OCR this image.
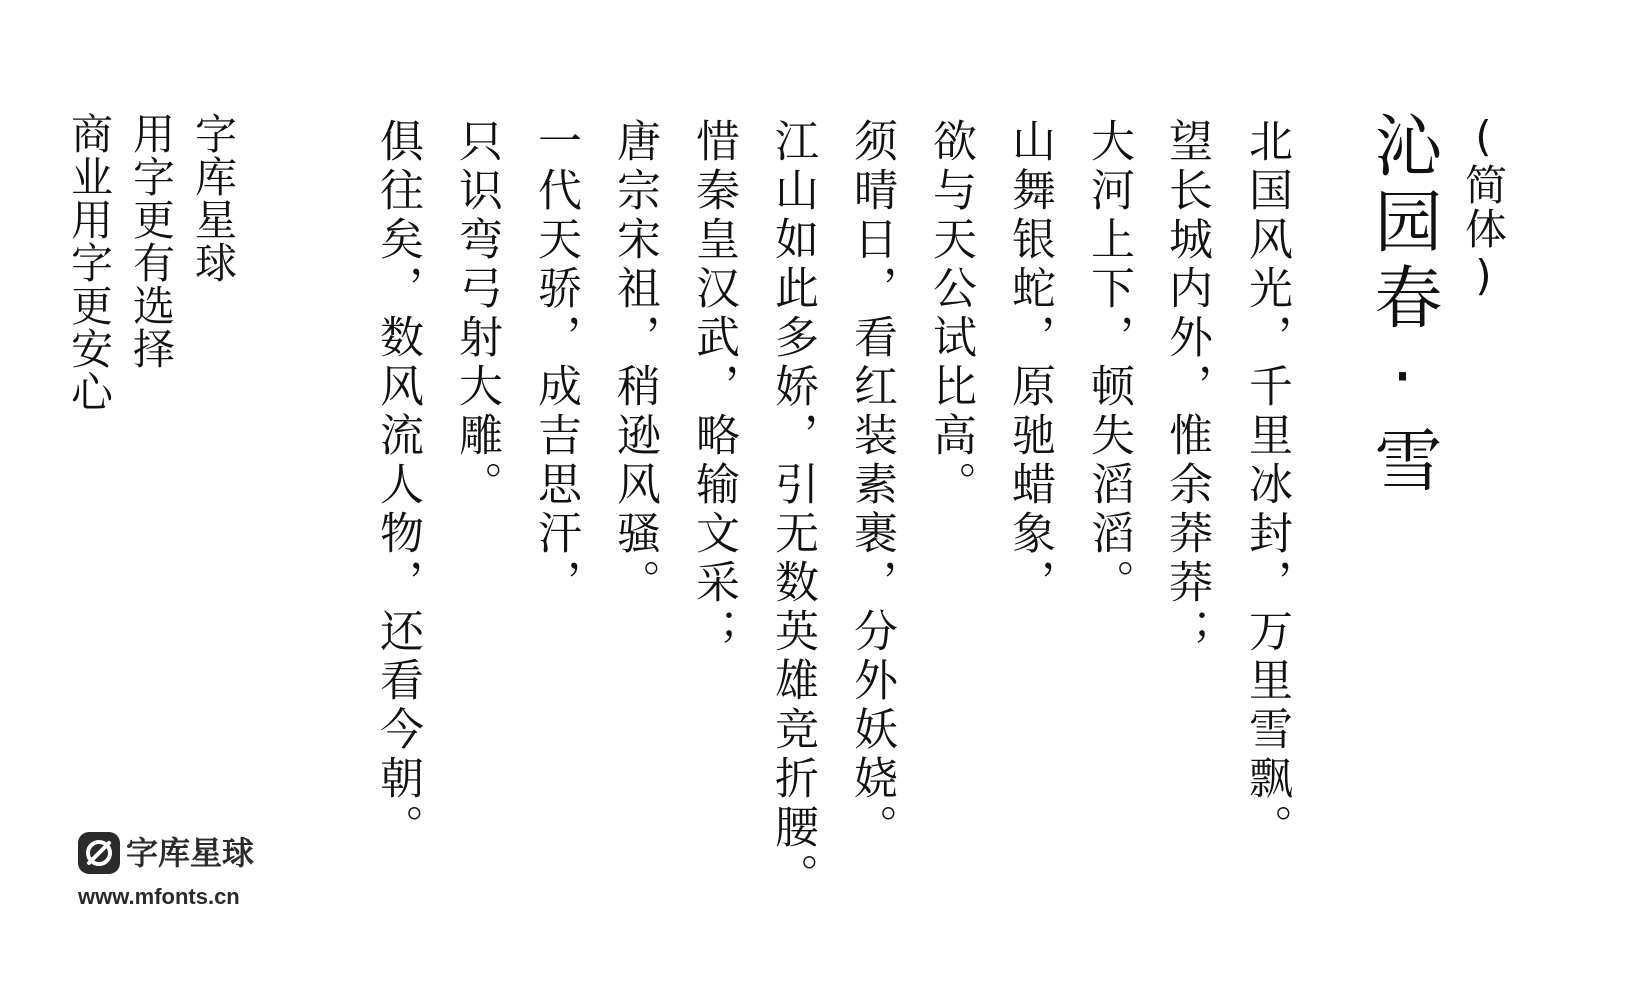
(简体)
沁园春·雪
北国风光，千里冰封，万里雪飘。
望长城内外，惟余莽莽；
大河上下，顿失滔滔。
山舞银蛇，原驰蜡象，
欲与天公试比高。
须晴日，看红装素裹，分外妖娆。
江山如此多娇，引无数英雄竞折腰。
惜秦皇汉武，略输文采；
唐宗宋祖，稍逊风骚。
一代天骄，成吉思汗，
只识弯弓射大雕。
俱往矣，数风流人物，还看今朝。
字库星球
用字更有选择
商业用字更安心
字库星球
www.mfonts.cn
